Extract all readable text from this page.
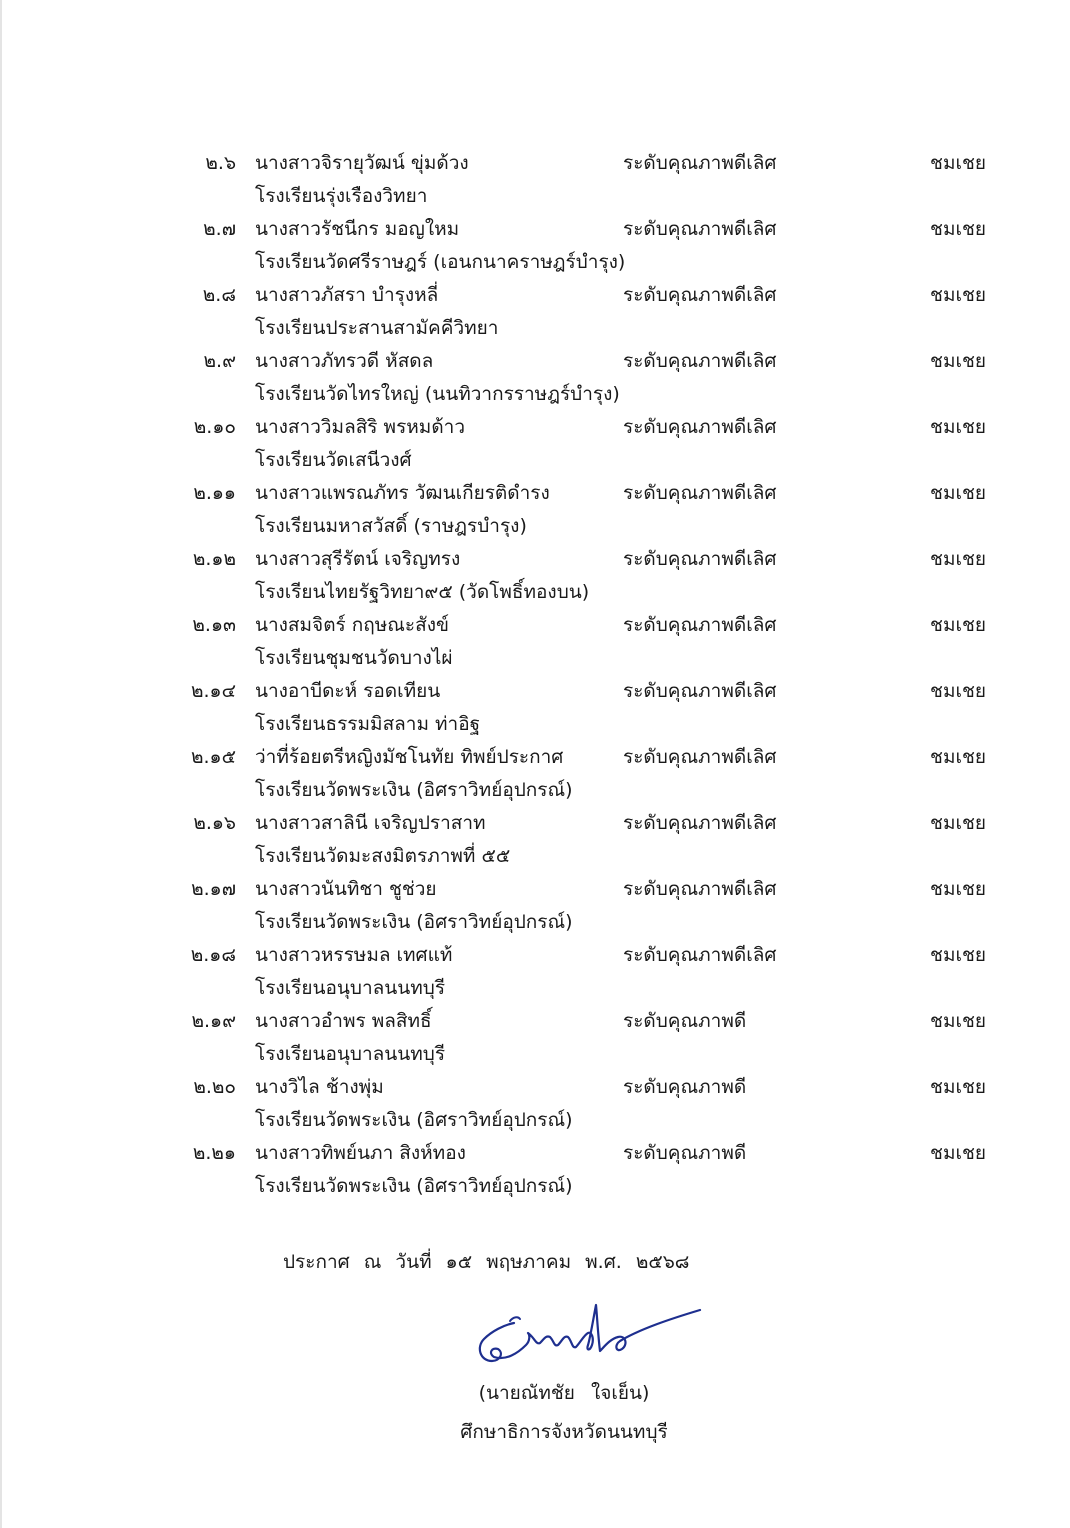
๒.๖ นางสาวจิรายุวัฒน์ ขุ่มด้วง	ระดับคุณภาพดีเลิศ	ชมเชย
โรงเรียนรุ่งเรืองวิทยา
๒.๗ นางสาวรัชนีกร มอญใหม	ระดับคุณภาพดีเลิศ	ชมเชย
โรงเรียนวัดศรีราษฎร์ (เอนกนาคราษฎร์บำรุง)
๒.๘ นางสาวภัสรา บำรุงหลี่	ระดับคุณภาพดีเลิศ	ชมเชย
โรงเรียนประสานสามัคคีวิทยา
๒.๙ นางสาวภัทรวดี หัสดล	ระดับคุณภาพดีเลิศ	ชมเชย
โรงเรียนวัดไทรใหญ่ (นนทิวากรราษฎร์บำรุง)
๒.๑๐ นางสาววิมลสิริ พรหมด้าว	ระดับคุณภาพดีเลิศ	ชมเชย
โรงเรียนวัดเสนีวงศ์
๒.๑๑ นางสาวแพรณภัทร วัฒนเกียรติดำรง	ระดับคุณภาพดีเลิศ	ชมเชย
โรงเรียนมหาสวัสดิ์ (ราษฎรบำรุง)
๒.๑๒ นางสาวสุรีรัตน์ เจริญทรง	ระดับคุณภาพดีเลิศ	ชมเชย
โรงเรียนไทยรัฐวิทยา๙๕ (วัดโพธิ์ทองบน)
๒.๑๓ นางสมจิตร์ กฤษณะสังข์	ระดับคุณภาพดีเลิศ	ชมเชย
โรงเรียนชุมชนวัดบางไผ่
๒.๑๔ นางอาบีดะห์ รอดเทียน	ระดับคุณภาพดีเลิศ	ชมเชย
โรงเรียนธรรมมิสลาม ท่าอิฐ
๒.๑๕ ว่าที่ร้อยตรีหญิงมัชโนทัย ทิพย์ประกาศ	ระดับคุณภาพดีเลิศ	ชมเชย
โรงเรียนวัดพระเงิน (อิศราวิทย์อุปกรณ์)
๒.๑๖ นางสาวสาลินี เจริญปราสาท	ระดับคุณภาพดีเลิศ	ชมเชย
โรงเรียนวัดมะสงมิตรภาพที่ ๕๕
๒.๑๗ นางสาวนันทิชา ชูช่วย	ระดับคุณภาพดีเลิศ	ชมเชย
โรงเรียนวัดพระเงิน (อิศราวิทย์อุปกรณ์)
๒.๑๘ นางสาวหรรษมล เทศแท้	ระดับคุณภาพดีเลิศ	ชมเชย
โรงเรียนอนุบาลนนทบุรี
๒.๑๙ นางสาวอำพร พลสิทธิ์	ระดับคุณภาพดี	ชมเชย
โรงเรียนอนุบาลนนทบุรี
๒.๒๐ นางวิไล ช้างพุ่ม	ระดับคุณภาพดี	ชมเชย
โรงเรียนวัดพระเงิน (อิศราวิทย์อุปกรณ์)
๒.๒๑ นางสาวทิพย์นภา สิงห์ทอง	ระดับคุณภาพดี	ชมเชย
โรงเรียนวัดพระเงิน (อิศราวิทย์อุปกรณ์)
ประกาศ ณ วันที่ ๑๕ พฤษภาคม พ.ศ. ๒๕๖๘
(นายณัทชัย ใจเย็น)
ศึกษาธิการจังหวัดนนทบุรี
